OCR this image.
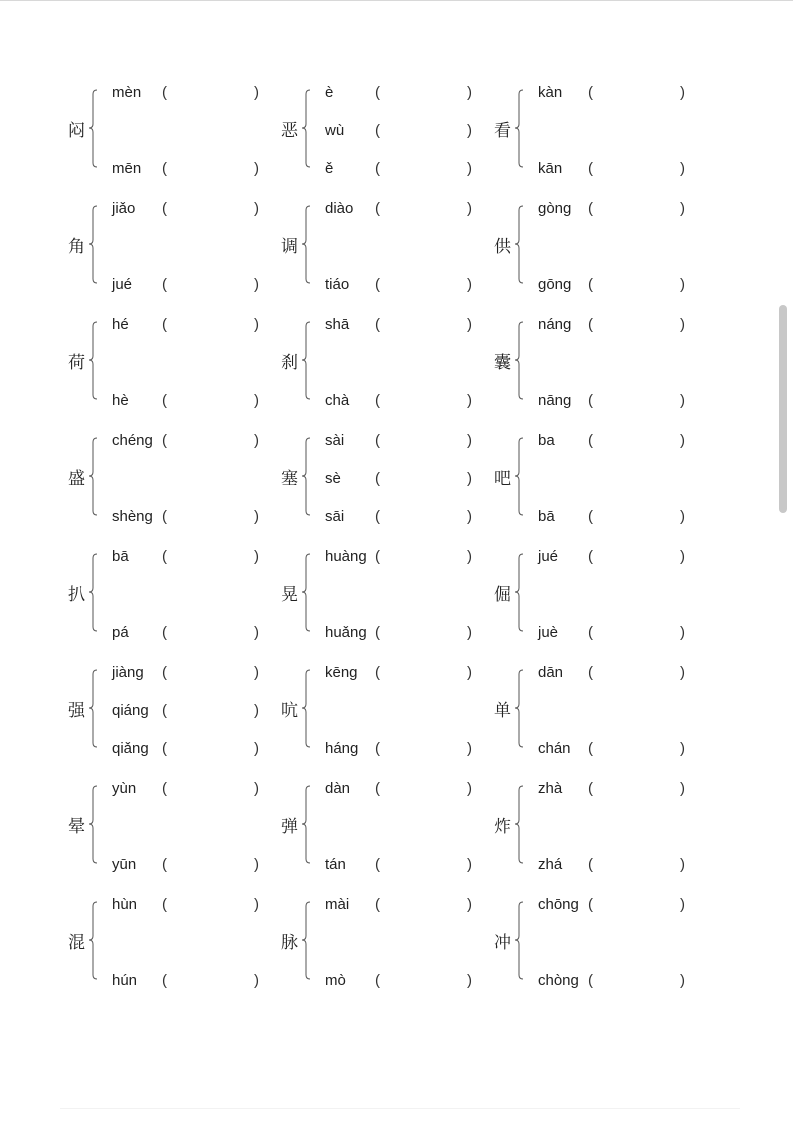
闷
mèn (	)
mēn (	)
恶
è	(	)
wù (	)
ě	(	)
看
kàn (	)
kān (	)
角
jiǎo (	)
jué (	)
调
diào (	)
tiáo (	)
供
gòng (	)
gōng (	)
荷
hé (	)
hè (	)
刹
shā (	)
chà (	)
囊
náng (	)
nāng (	)
盛
chéng (	)
shèng (	)
塞
sài (	)
sè (	)
sāi (	)
吧
ba (	)
bā (	)
扒
bā (	)
pá (	)
晃
huàng (	)
huǎng (	)
倔
jué (	)
juè (	)
强
jiàng (	)
qiáng (	)
qiǎng (	)
吭
kēng (	)
háng (	)
单
dān (	)
chán (	)
晕
yùn (	)
yūn (	)
弹
dàn (	)
tán (	)
炸
zhà (	)
zhá (	)
混
hùn (	)
hún (	)
脉
mài (	)
mò (	)
冲
chōng (	)
chòng (	)
